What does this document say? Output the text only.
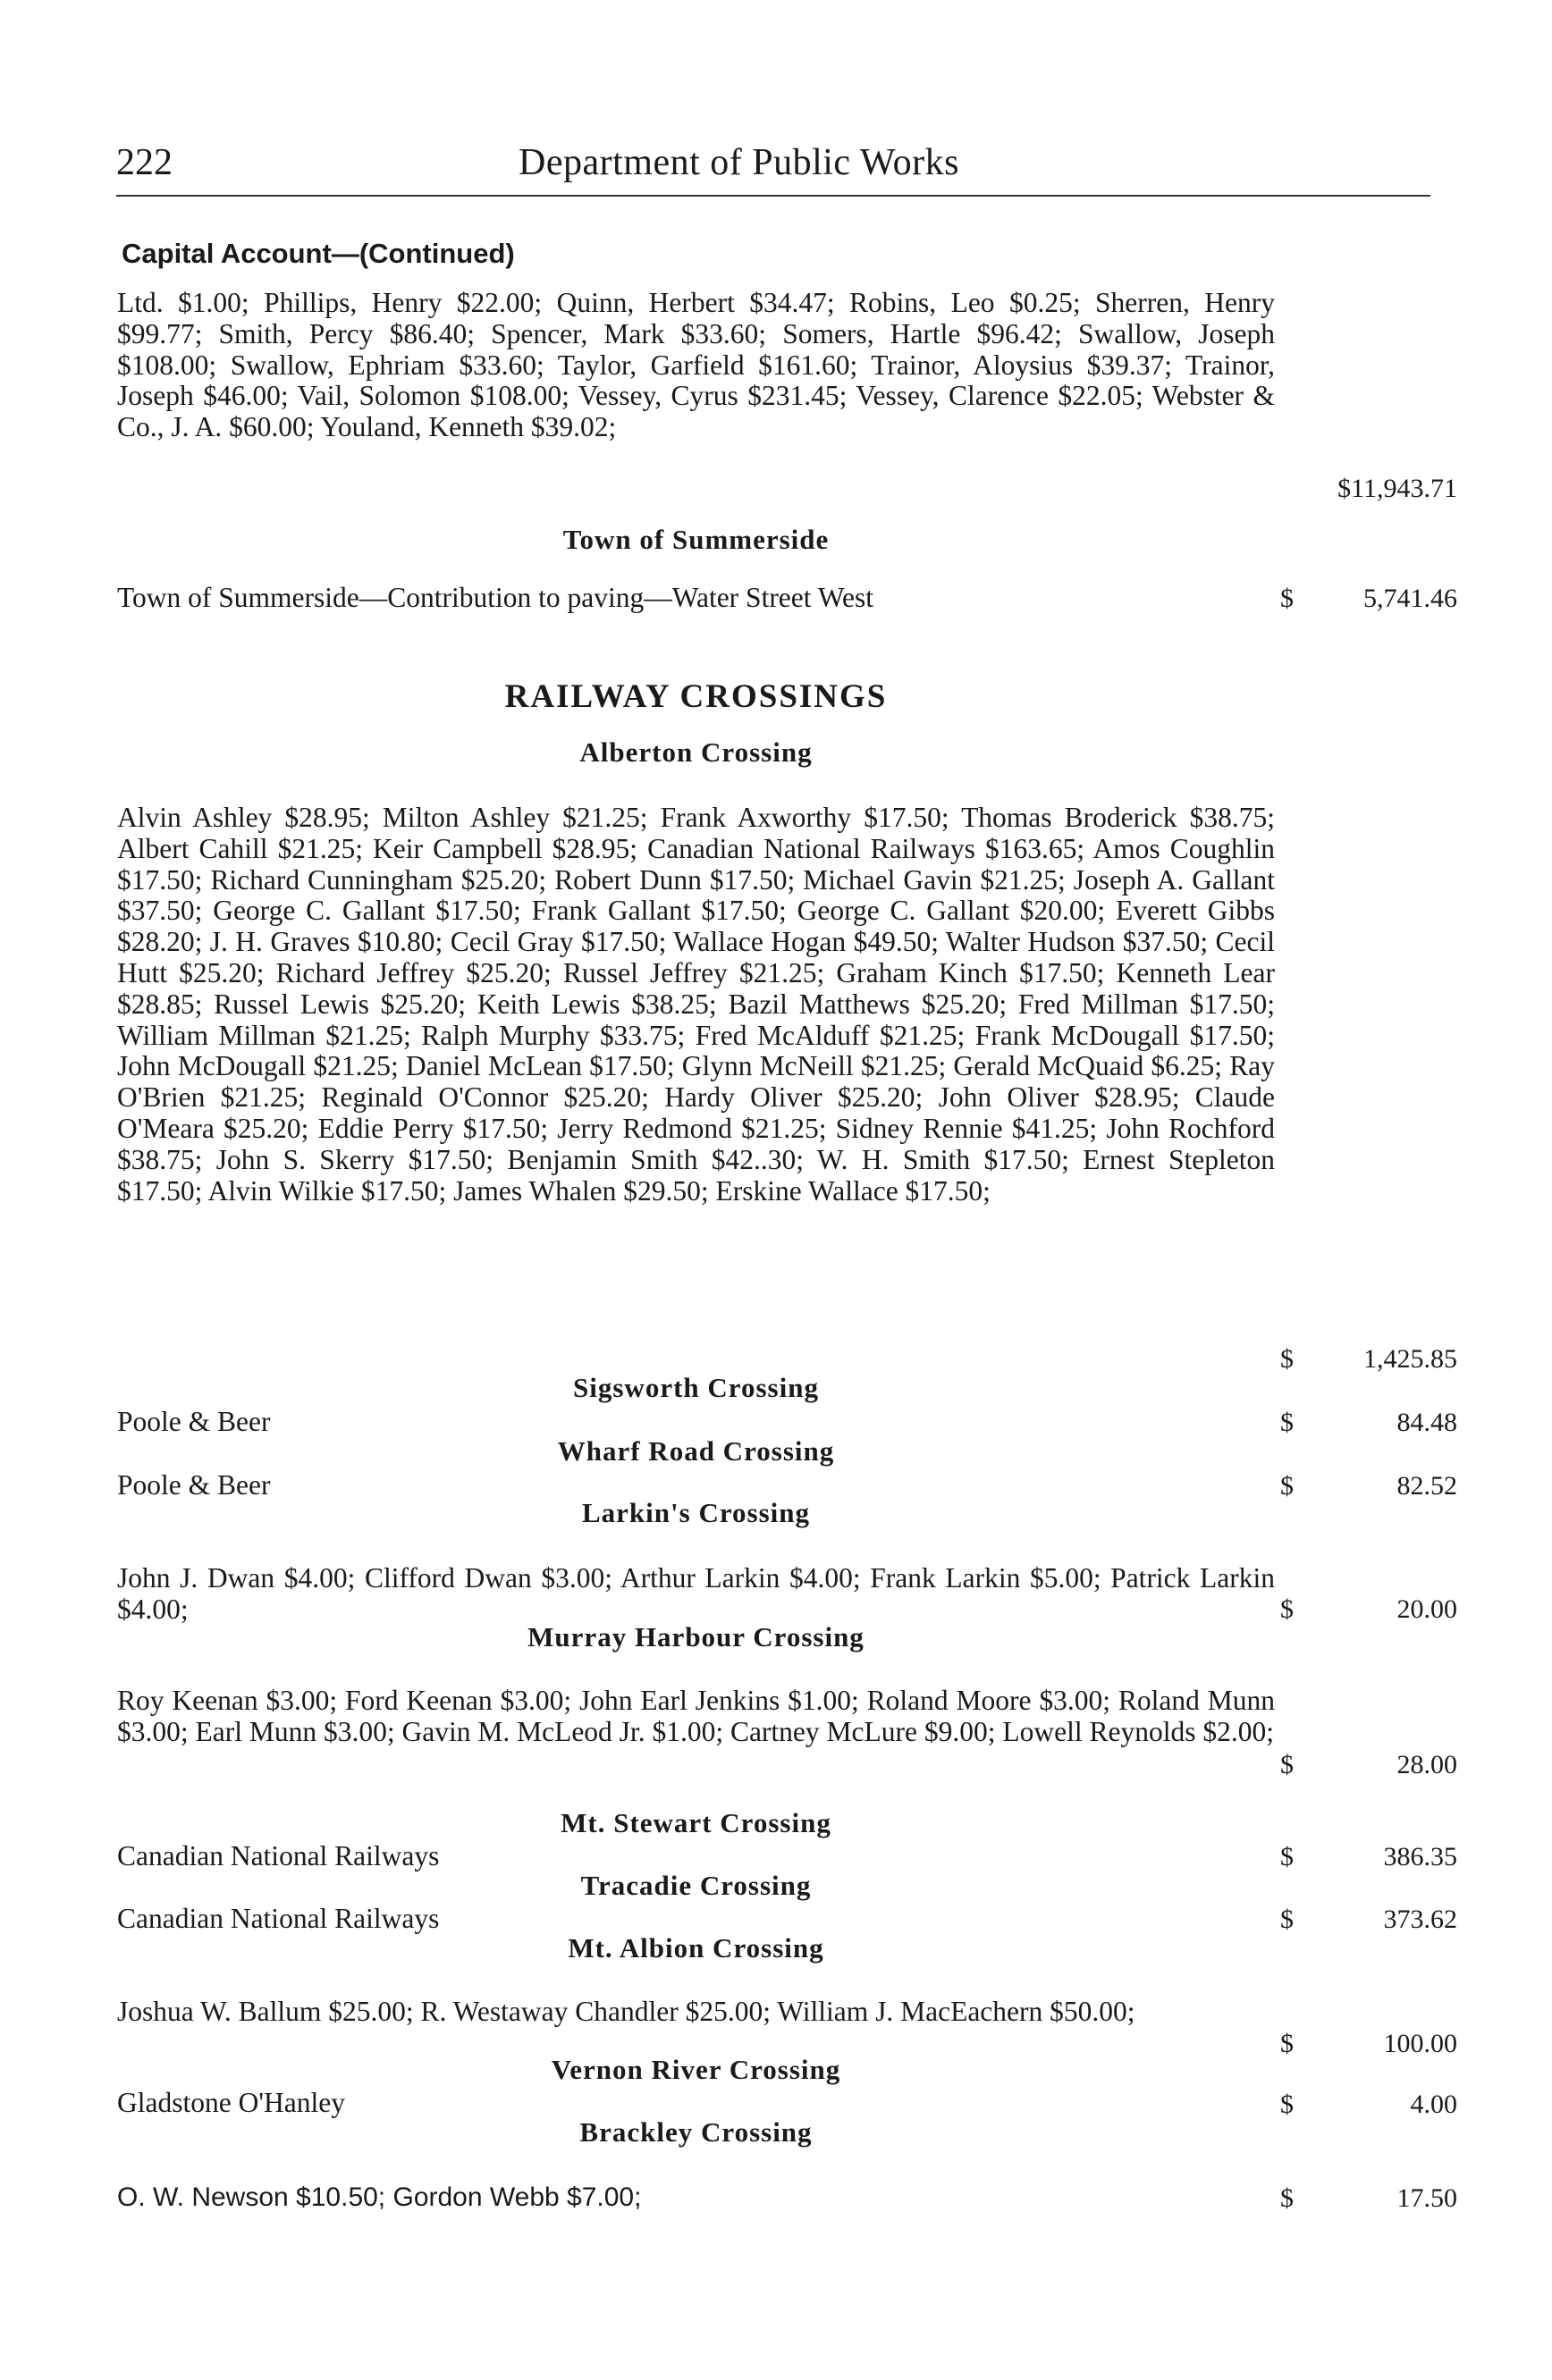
222	Department of Public Works
Capital Account—(Continued)
Ltd. $1.00; Phillips, Henry $22.00; Quinn, Herbert $34.47; Robins, Leo $0.25; Sherren, Henry $99.77; Smith, Percy $86.40; Spencer, Mark $33.60; Somers, Hartle $96.42; Swallow, Joseph $108.00; Swallow, Ephriam $33.60; Taylor, Garfield $161.60; Trainor, Aloysius $39.37; Trainor, Joseph $46.00; Vail, Solomon $108.00; Vessey, Cyrus $231.45; Vessey, Clarence $22.05; Webster & Co., J. A. $60.00; Youland, Kenneth $39.02;
$11,943.71
Town of Summerside
Town of Summerside—Contribution to paving—Water Street West	$	5,741.46
RAILWAY CROSSINGS
Alberton Crossing
Alvin Ashley $28.95; Milton Ashley $21.25; Frank Axworthy $17.50; Thomas Broderick $38.75; Albert Cahill $21.25; Keir Campbell $28.95; Canadian National Railways $163.65; Amos Coughlin $17.50; Richard Cunningham $25.20; Robert Dunn $17.50; Michael Gavin $21.25; Joseph A. Gallant $37.50; George C. Gallant $17.50; Frank Gallant $17.50; George C. Gallant $20.00; Everett Gibbs $28.20; J. H. Graves $10.80; Cecil Gray $17.50; Wallace Hogan $49.50; Walter Hudson $37.50; Cecil Hutt $25.20; Richard Jeffrey $25.20; Russel Jeffrey $21.25; Graham Kinch $17.50; Kenneth Lear $28.85; Russel Lewis $25.20; Keith Lewis $38.25; Bazil Matthews $25.20; Fred Millman $17.50; William Millman $21.25; Ralph Murphy $33.75; Fred McAlduff $21.25; Frank McDougall $17.50; John McDougall $21.25; Daniel McLean $17.50; Glynn McNeill $21.25; Gerald McQuaid $6.25; Ray O'Brien $21.25; Reginald O'Connor $25.20; Hardy Oliver $25.20; John Oliver $28.95; Claude O'Meara $25.20; Eddie Perry $17.50; Jerry Redmond $21.25; Sidney Rennie $41.25; John Rochford $38.75; John S. Skerry $17.50; Benjamin Smith $42..30; W. H. Smith $17.50; Ernest Stepleton $17.50; Alvin Wilkie $17.50; James Whalen $29.50; Erskine Wallace $17.50;
$	1,425.85
Sigsworth Crossing
Poole & Beer	$	84.48
Wharf Road Crossing
Poole & Beer	$	82.52
Larkin's Crossing
John J. Dwan $4.00; Clifford Dwan $3.00; Arthur Larkin $4.00; Frank Larkin $5.00; Patrick Larkin $4.00;	$	20.00
Murray Harbour Crossing
Roy Keenan $3.00; Ford Keenan $3.00; John Earl Jenkins $1.00; Roland Moore $3.00; Roland Munn $3.00; Earl Munn $3.00; Gavin M. McLeod Jr. $1.00; Cartney McLure $9.00; Lowell Reynolds $2.00;
$	28.00
Mt. Stewart Crossing
Canadian National Railways	$	386.35
Tracadie Crossing
Canadian National Railways	$	373.62
Mt. Albion Crossing
Joshua W. Ballum $25.00; R. Westaway Chandler $25.00; William J. MacEachern $50.00;
$	100.00
Vernon River Crossing
Gladstone O'Hanley	$	4.00
Brackley Crossing
O. W. Newson $10.50; Gordon Webb $7.00;	$	17.50
